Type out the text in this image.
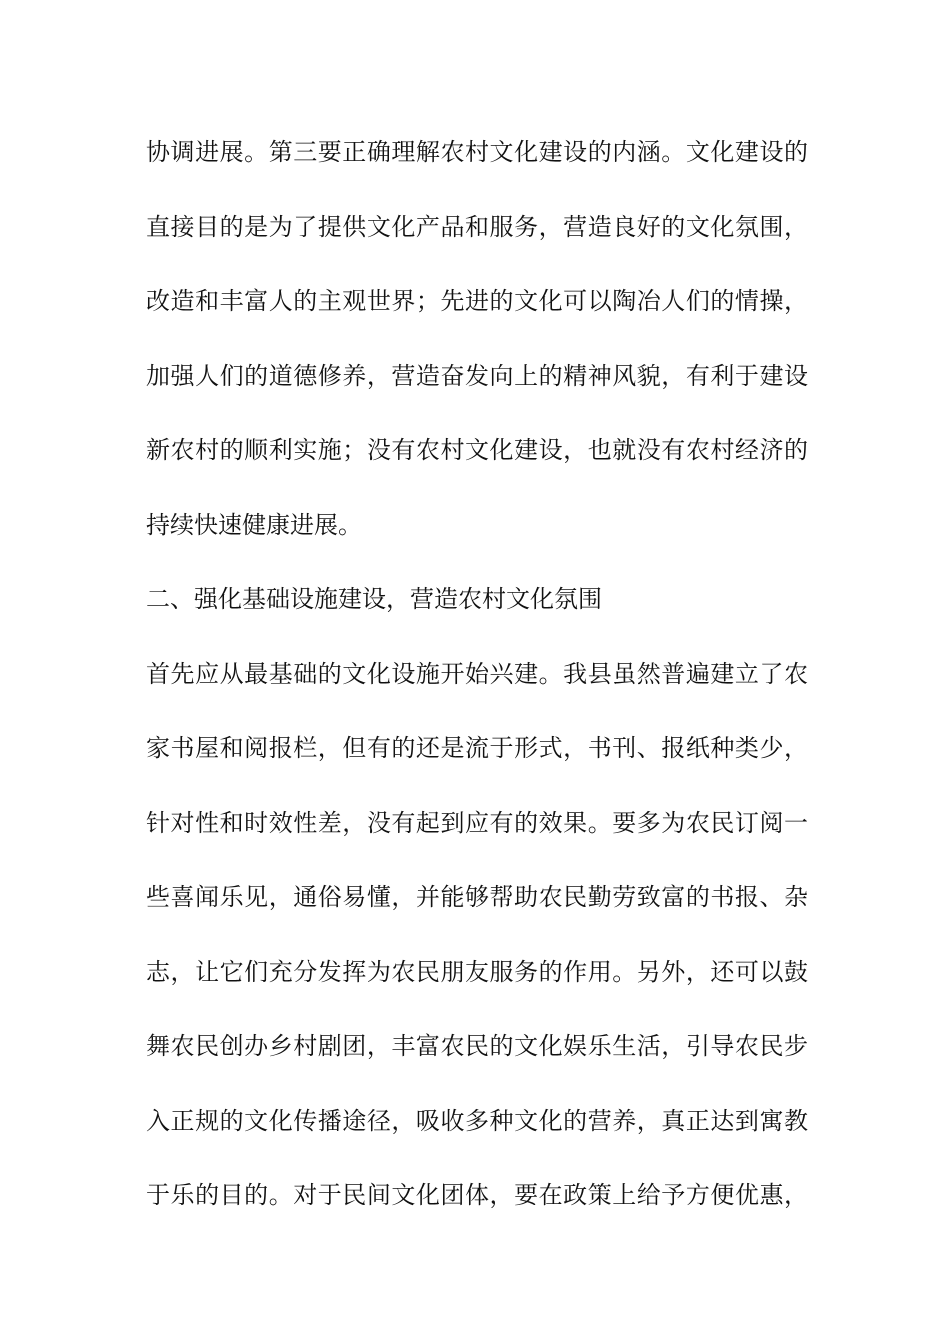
协调进展。第三要正确理解农村文化建设的内涵。文化建设的
直接目的是为了提供文化产品和服务，营造良好的文化氛围，
改造和丰富人的主观世界；先进的文化可以陶冶人们的情操，
加强人们的道德修养，营造奋发向上的精神风貌，有利于建设
新农村的顺利实施；没有农村文化建设，也就没有农村经济的
持续快速健康进展。
二、强化基础设施建设，营造农村文化氛围
首先应从最基础的文化设施开始兴建。我县虽然普遍建立了农
家书屋和阅报栏，但有的还是流于形式，书刊、报纸种类少，
针对性和时效性差，没有起到应有的效果。要多为农民订阅一
些喜闻乐见，通俗易懂，并能够帮助农民勤劳致富的书报、杂
志，让它们充分发挥为农民朋友服务的作用。另外，还可以鼓
舞农民创办乡村剧团，丰富农民的文化娱乐生活，引导农民步
入正规的文化传播途径，吸收多种文化的营养，真正达到寓教
于乐的目的。对于民间文化团体，要在政策上给予方便优惠，
